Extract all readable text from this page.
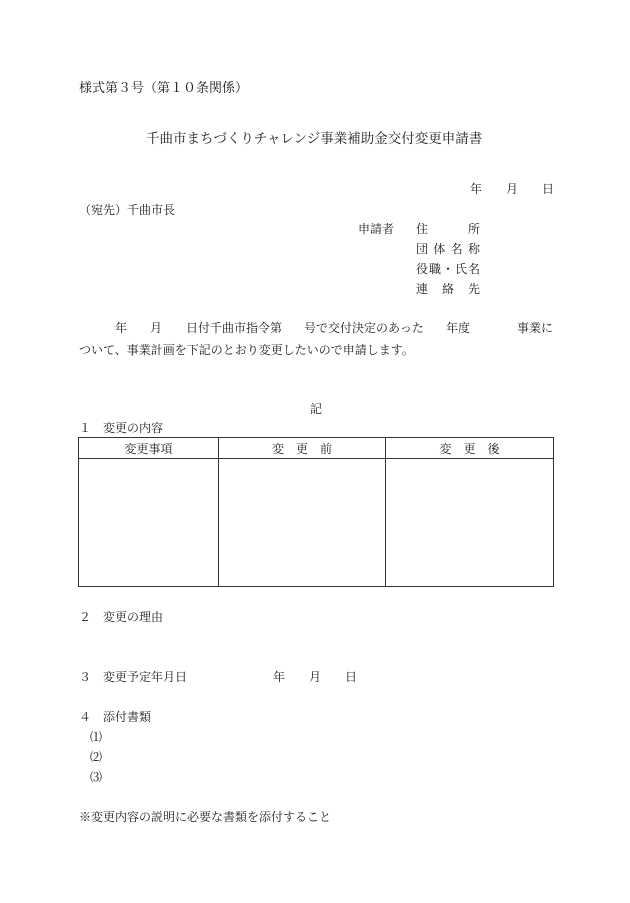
様式第３号（第１０条関係）
千曲市まちづくりチャレンジ事業補助金交付変更申請書
年 月 日
（宛先）千曲市長
申請者 住	所
団 体 名 称
役 職 ・ 氏 名
連 絡 先
年 月 日付千曲市指令第 号で交付決定のあった 年度	事業に
ついて、事業計画を下記のとおり変更したいので申請します。
記
１　変更の内容
変更事項	変　更　前	変　更　後

２　変更の理由
３　変更予定年月日	年 月 日
４　添付書類
⑴
⑵
⑶
※変更内容の説明に必要な書類を添付すること
